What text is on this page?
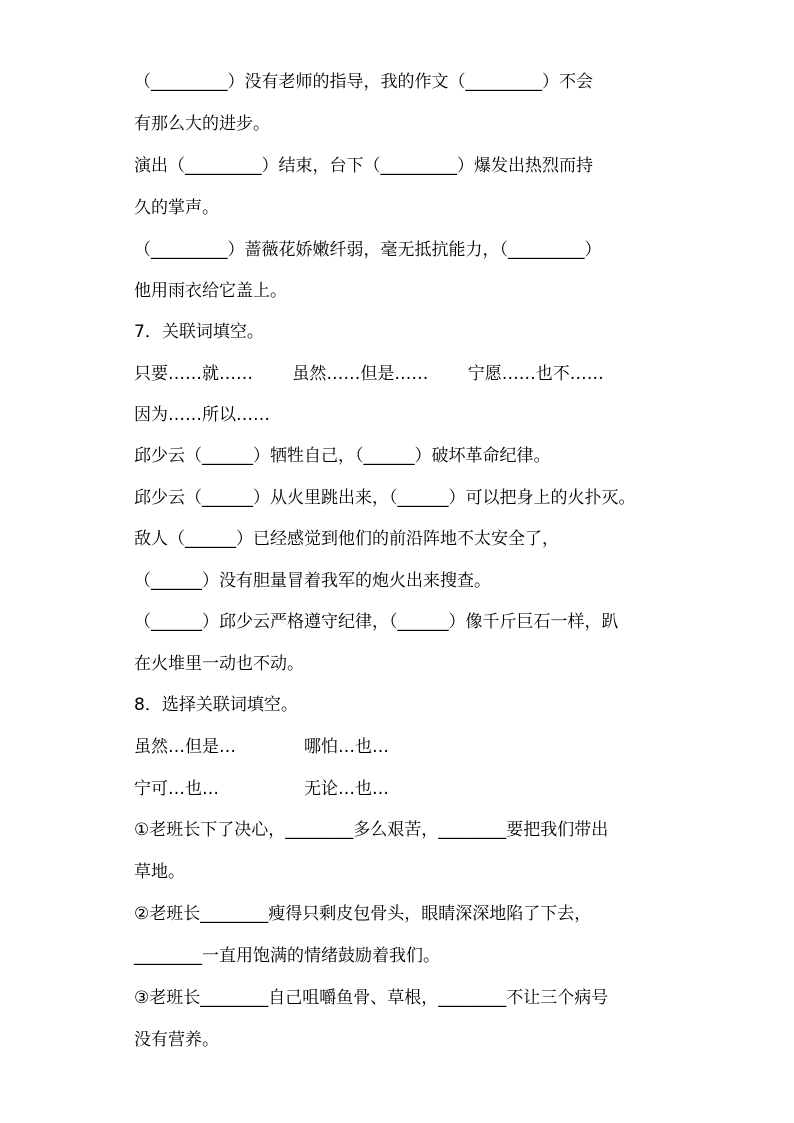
（_________）没有老师的指导，我的作文（_________）不会
有那么大的进步。
演出（_________）结束，台下（_________）爆发出热烈而持
久的掌声。
（_________）蔷薇花娇嫩纤弱，毫无抵抗能力，（_________）
他用雨衣给它盖上。
7．关联词填空。
只要……就……　　 虽然……但是……　　 宁愿……也不……
因为……所以……
邱少云（______）牺牲自己，（______）破坏革命纪律。
邱少云（______）从火里跳出来，（______）可以把身上的火扑灭。
敌人（______）已经感觉到他们的前沿阵地不太安全了，
（______）没有胆量冒着我军的炮火出来搜查。
（______）邱少云严格遵守纪律，（______）像千斤巨石一样，趴
在火堆里一动也不动。
8．选择关联词填空。
虽然…但是…　　　　哪怕…也…
宁可…也…　　　　　无论…也…
①老班长下了决心，________多么艰苦，________要把我们带出
草地。
②老班长________瘦得只剩皮包骨头，眼睛深深地陷了下去，
________一直用饱满的情绪鼓励着我们。
③老班长________自己咀嚼鱼骨、草根，________不让三个病号
没有营养。
